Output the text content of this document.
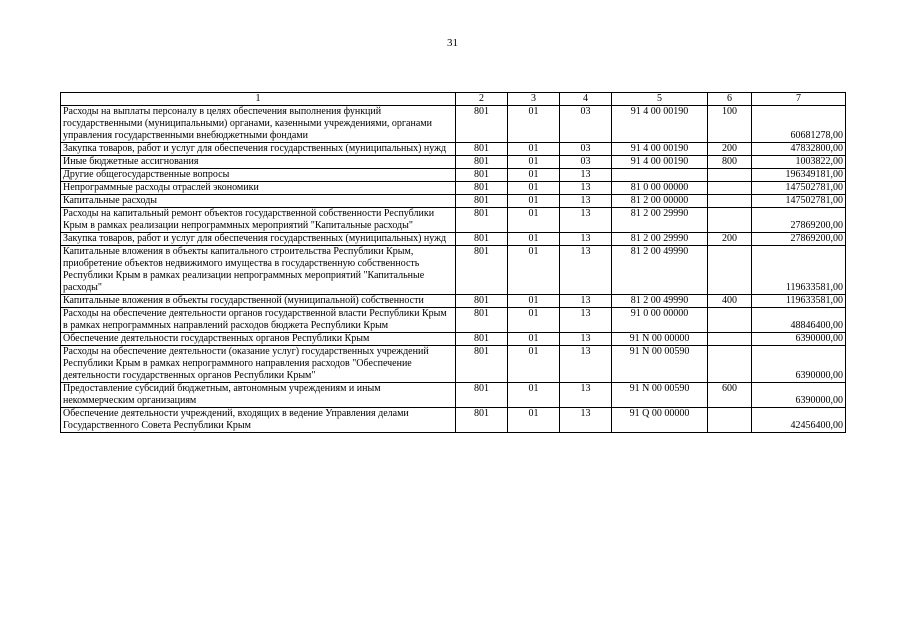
31
1	2	3	4	5	6	7
Расходы на выплаты персоналу в целях обеспечения выполнения функций государственными (муниципальными) органами, казенными учреждениями, органами управления государственными внебюджетными фондами	801	01	03	91 4 00 00190	100	60681278,00
Закупка товаров, работ и услуг для обеспечения государственных (муниципальных) нужд	801	01	03	91 4 00 00190	200	47832800,00
Иные бюджетные ассигнования	801	01	03	91 4 00 00190	800	1003822,00
Другие общегосударственные вопросы	801	01	13			196349181,00
Непрограммные расходы отраслей экономики	801	01	13	81 0 00 00000		147502781,00
Капитальные расходы	801	01	13	81 2 00 00000		147502781,00
Расходы на капитальный ремонт объектов государственной собственности Республики Крым в рамках реализации непрограммных мероприятий "Капитальные расходы"	801	01	13	81 2 00 29990		27869200,00
Закупка товаров, работ и услуг для обеспечения государственных (муниципальных) нужд	801	01	13	81 2 00 29990	200	27869200,00
Капитальные вложения в объекты капитального строительства Республики Крым, приобретение объектов недвижимого имущества в государственную собственность Республики Крым в рамках реализации непрограммных мероприятий "Капитальные расходы"	801	01	13	81 2 00 49990		119633581,00
Капитальные вложения в объекты государственной (муниципальной) собственности	801	01	13	81 2 00 49990	400	119633581,00
Расходы на обеспечение деятельности органов государственной власти Республики Крым в рамках непрограммных направлений расходов бюджета Республики Крым	801	01	13	91 0 00 00000		48846400,00
Обеспечение деятельности государственных органов Республики Крым	801	01	13	91 N 00 00000		6390000,00
Расходы на обеспечение деятельности (оказание услуг) государственных учреждений Республики Крым в рамках непрограммного направления расходов "Обеспечение деятельности государственных органов Республики Крым"	801	01	13	91 N 00 00590		6390000,00
Предоставление субсидий бюджетным, автономным учреждениям и иным некоммерческим организациям	801	01	13	91 N 00 00590	600	6390000,00
Обеспечение деятельности учреждений, входящих в ведение Управления делами Государственного Совета Республики Крым	801	01	13	91 Q 00 00000		42456400,00
